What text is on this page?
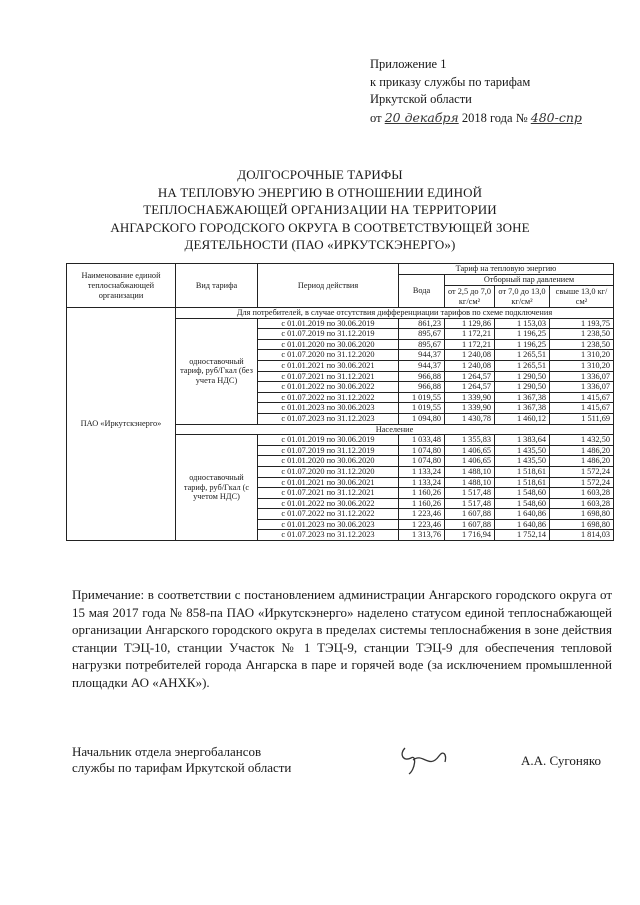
Приложение 1
к приказу службы по тарифам
Иркутской области
от 20 декабря 2018 года № 480-спр
ДОЛГОСРОЧНЫЕ ТАРИФЫ
НА ТЕПЛОВУЮ ЭНЕРГИЮ В ОТНОШЕНИИ ЕДИНОЙ
ТЕПЛОСНАБЖАЮЩЕЙ ОРГАНИЗАЦИИ НА ТЕРРИТОРИИ
АНГАРСКОГО ГОРОДСКОГО ОКРУГА В СООТВЕТСТВУЮЩЕЙ ЗОНЕ
ДЕЯТЕЛЬНОСТИ (ПАО «ИРКУТСКЭНЕРГО»)
Наименование единой теплоснабжающей организации	Вид тарифа	Период действия	Тариф на тепловую энергию			
			Вода	Отборный пар давлением		
				от 2,5 до 7,0 кг/см²	от 7,0 до 13,0 кг/см²	свыше 13,0 кг/см²
ПАО «Иркутскэнерго»	Для потребителей, в случае отсутствия дифференциации тарифов по схеме подключения					
	одноставочный тариф, руб/Гкал (без учета НДС)	с 01.01.2019 по 30.06.2019	861,23	1 129,86	1 153,03	1 193,75
		с 01.07.2019 по 31.12.2019	895,67	1 172,21	1 196,25	1 238,50
		с 01.01.2020 по 30.06.2020	895,67	1 172,21	1 196,25	1 238,50
		с 01.07.2020 по 31.12.2020	944,37	1 240,08	1 265,51	1 310,20
		с 01.01.2021 по 30.06.2021	944,37	1 240,08	1 265,51	1 310,20
		с 01.07.2021 по 31.12.2021	966,88	1 264,57	1 290,50	1 336,07
		с 01.01.2022 по 30.06.2022	966,88	1 264,57	1 290,50	1 336,07
		с 01.07.2022 по 31.12.2022	1 019,55	1 339,90	1 367,38	1 415,67
		с 01.01.2023 по 30.06.2023	1 019,55	1 339,90	1 367,38	1 415,67
		с 01.07.2023 по 31.12.2023	1 094,80	1 430,78	1 460,12	1 511,69
	Население					
	одноставочный тариф, руб/Гкал (с учетом НДС)	с 01.01.2019 по 30.06.2019	1 033,48	1 355,83	1 383,64	1 432,50
		с 01.07.2019 по 31.12.2019	1 074,80	1 406,65	1 435,50	1 486,20
		с 01.01.2020 по 30.06.2020	1 074,80	1 406,65	1 435,50	1 486,20
		с 01.07.2020 по 31.12.2020	1 133,24	1 488,10	1 518,61	1 572,24
		с 01.01.2021 по 30.06.2021	1 133,24	1 488,10	1 518,61	1 572,24
		с 01.07.2021 по 31.12.2021	1 160,26	1 517,48	1 548,60	1 603,28
		с 01.01.2022 по 30.06.2022	1 160,26	1 517,48	1 548,60	1 603,28
		с 01.07.2022 по 31.12.2022	1 223,46	1 607,88	1 640,86	1 698,80
		с 01.01.2023 по 30.06.2023	1 223,46	1 607,88	1 640,86	1 698,80
		с 01.07.2023 по 31.12.2023	1 313,76	1 716,94	1 752,14	1 814,03
Примечание: в соответствии с постановлением администрации Ангарского городского округа от 15 мая 2017 года № 858-па ПАО «Иркутскэнерго» наделено статусом единой теплоснабжающей организации Ангарского городского округа в пределах системы теплоснабжения в зоне действия станции ТЭЦ-10, станции Участок № 1 ТЭЦ-9, станции ТЭЦ-9 для обеспечения тепловой нагрузки потребителей города Ангарска в паре и горячей воде (за исключением промышленной площадки АО «АНХК»).
Начальник отдела энергобалансов
службы по тарифам Иркутской области	А.А. Сугоняко
